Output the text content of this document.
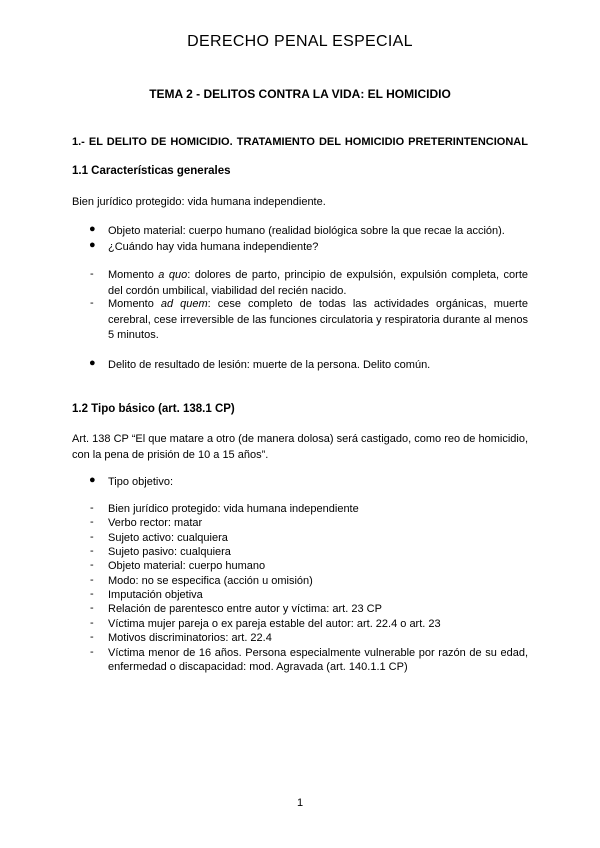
DERECHO PENAL ESPECIAL
TEMA 2 - DELITOS CONTRA LA VIDA: EL HOMICIDIO
1.- EL DELITO DE HOMICIDIO. TRATAMIENTO DEL HOMICIDIO PRETERINTENCIONAL
1.1 Características generales
Bien jurídico protegido: vida humana independiente.
● Objeto material: cuerpo humano (realidad biológica sobre la que recae la acción).
● ¿Cuándo hay vida humana independiente?
- Momento a quo: dolores de parto, principio de expulsión, expulsión completa, corte del cordón umbilical, viabilidad del recién nacido.
- Momento ad quem: cese completo de todas las actividades orgánicas, muerte cerebral, cese irreversible de las funciones circulatoria y respiratoria durante al menos 5 minutos.
● Delito de resultado de lesión: muerte de la persona. Delito común.
1.2 Tipo básico (art. 138.1 CP)
Art. 138 CP “El que matare a otro (de manera dolosa) será castigado, como reo de homicidio, con la pena de prisión de 10 a 15 años”.
● Tipo objetivo:
- Bien jurídico protegido: vida humana independiente
- Verbo rector: matar
- Sujeto activo: cualquiera
- Sujeto pasivo: cualquiera
- Objeto material: cuerpo humano
- Modo: no se especifica (acción u omisión)
- Imputación objetiva
- Relación de parentesco entre autor y víctima: art. 23 CP
- Víctima mujer pareja o ex pareja estable del autor: art. 22.4 o art. 23
- Motivos discriminatorios: art. 22.4
- Víctima menor de 16 años. Persona especialmente vulnerable por razón de su edad, enfermedad o discapacidad: mod. Agravada (art. 140.1.1 CP)
1
